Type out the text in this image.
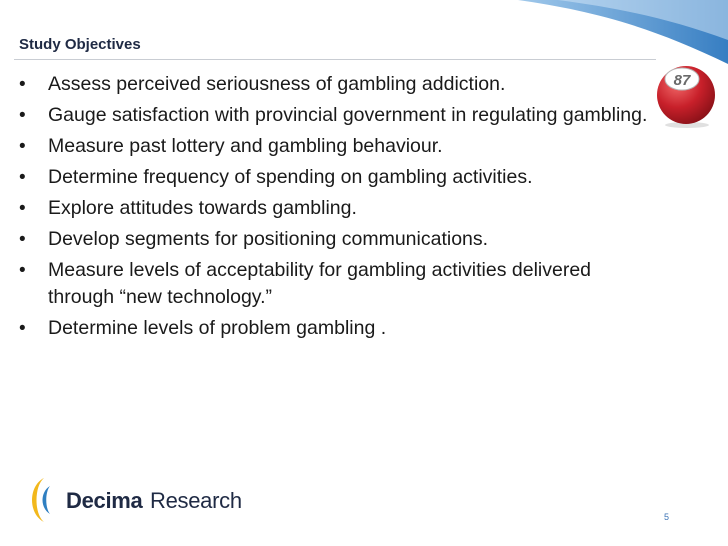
Study Objectives
• Assess perceived seriousness of gambling addiction.
• Gauge satisfaction with provincial government in regulating gambling.
• Measure past lottery and gambling behaviour.
• Determine frequency of spending on gambling activities.
• Explore attitudes towards gambling.
• Develop segments for positioning communications.
• Measure levels of acceptability for gambling activities delivered through “new technology.”
• Determine levels of problem gambling .
87
Decima Research
5
